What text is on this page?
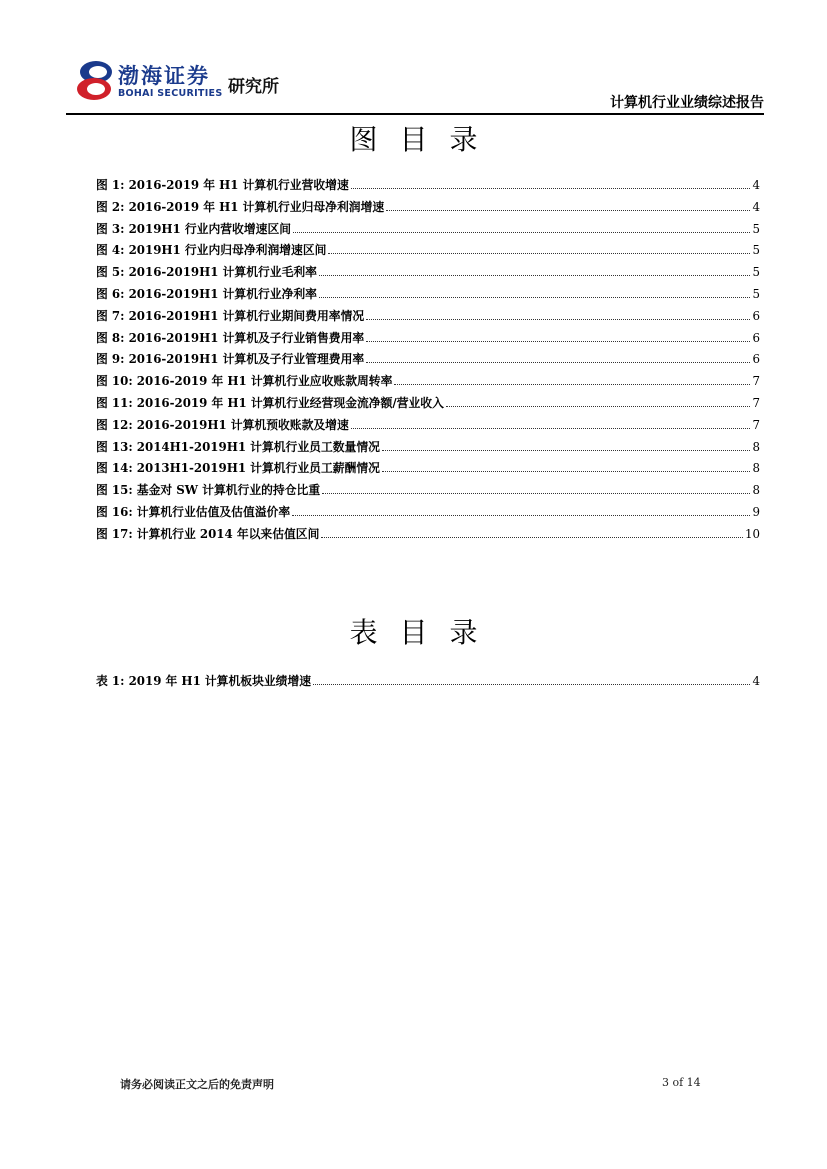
渤海证券
BOHAI SECURITIES 研究所
计算机行业业绩综述报告
图目录
图 1: 2016-2019 年 H1 计算机行业营收增速	4
图 2: 2016-2019 年 H1 计算机行业归母净利润增速	4
图 3: 2019H1 行业内营收增速区间	5
图 4: 2019H1 行业内归母净利润增速区间	5
图 5: 2016-2019H1 计算机行业毛利率	5
图 6: 2016-2019H1 计算机行业净利率	5
图 7: 2016-2019H1 计算机行业期间费用率情况	6
图 8: 2016-2019H1 计算机及子行业销售费用率	6
图 9: 2016-2019H1 计算机及子行业管理费用率	6
图 10: 2016-2019 年 H1 计算机行业应收账款周转率	7
图 11: 2016-2019 年 H1 计算机行业经营现金流净额/营业收入	7
图 12: 2016-2019H1 计算机预收账款及增速	7
图 13: 2014H1-2019H1 计算机行业员工数量情况	8
图 14: 2013H1-2019H1 计算机行业员工薪酬情况	8
图 15: 基金对 SW 计算机行业的持仓比重	8
图 16: 计算机行业估值及估值溢价率	9
图 17: 计算机行业 2014 年以来估值区间	10
表目录
表 1: 2019 年 H1 计算机板块业绩增速	4
请务必阅读正文之后的免责声明	3 of 14
